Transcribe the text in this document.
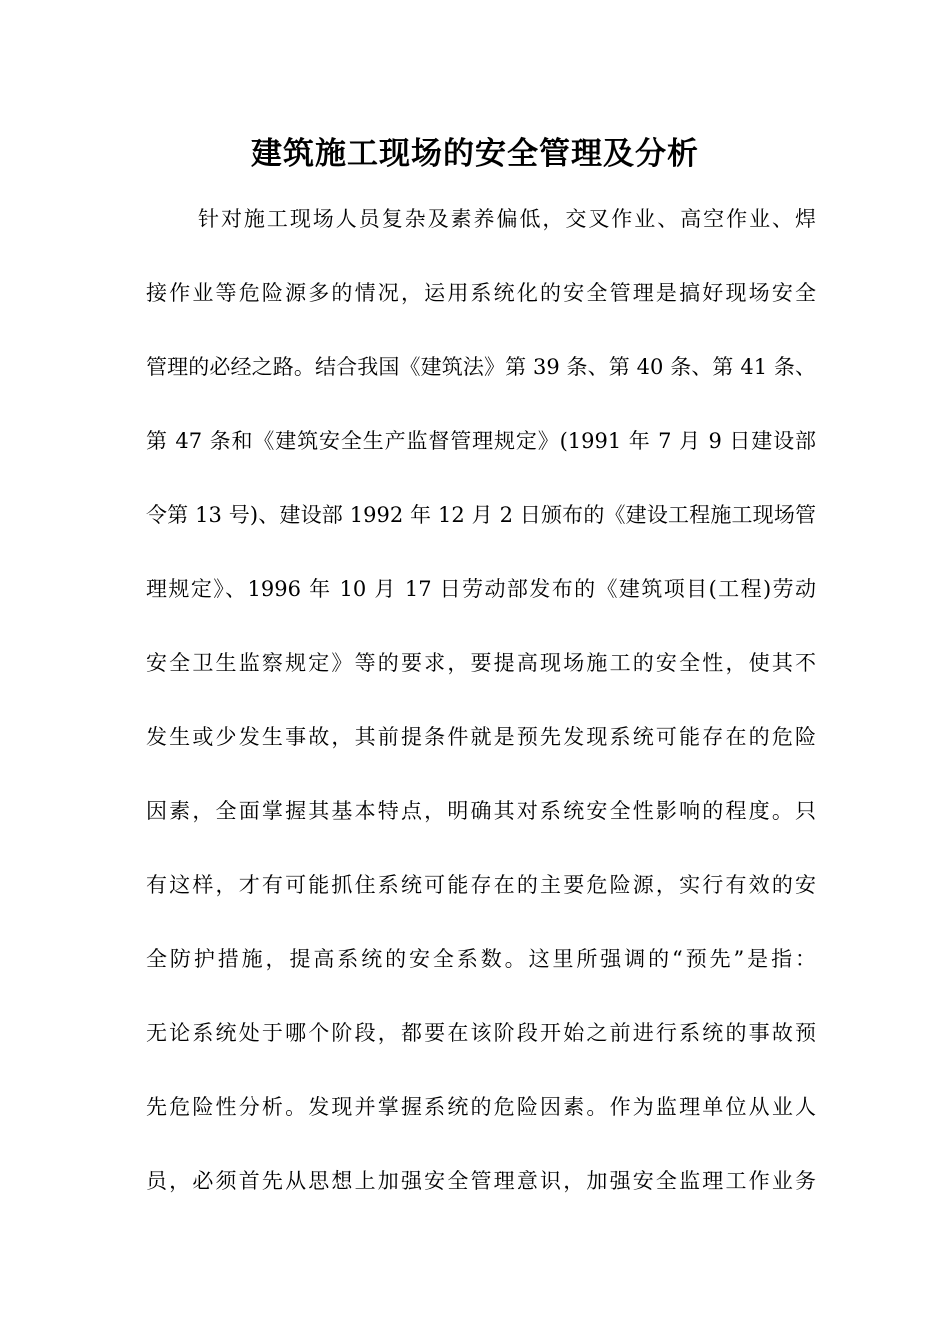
建筑施工现场的安全管理及分析
针对施工现场人员复杂及素养偏低，交叉作业、高空作业、焊
接作业等危险源多的情况，运用系统化的安全管理是搞好现场安全
管理的必经之路。结合我国《建筑法》第 39 条、第 40 条、第 41 条、
第 47 条和《建筑安全生产监督管理规定》(1991 年 7 月 9 日建设部
令第 13 号)、建设部 1992 年 12 月 2 日颁布的《建设工程施工现场管
理规定》、1996 年 10 月 17 日劳动部发布的《建筑项目(工程)劳动
安全卫生监察规定》等的要求，要提高现场施工的安全性，使其不
发生或少发生事故，其前提条件就是预先发现系统可能存在的危险
因素，全面掌握其基本特点，明确其对系统安全性影响的程度。只
有这样，才有可能抓住系统可能存在的主要危险源，实行有效的安
全防护措施，提高系统的安全系数。这里所强调的“预先”是指：
无论系统处于哪个阶段，都要在该阶段开始之前进行系统的事故预
先危险性分析。发现并掌握系统的危险因素。作为监理单位从业人
员，必须首先从思想上加强安全管理意识，加强安全监理工作业务
